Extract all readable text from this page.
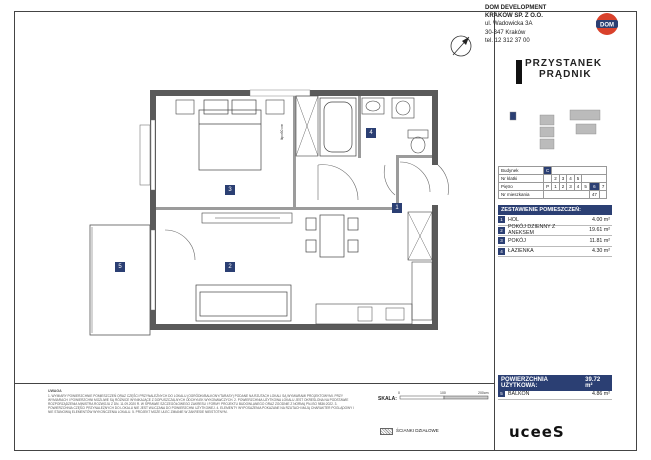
0	100	200cm
1
2
3
4
5
lkp=60 cm
DOM DEVELOPMENT
KRAKÓW SP. Z O.O.
ul. Wadowicka 3A
30-347 Kraków
tel. 12 312 37 00
DOM
PRZYSTANEK
PRĄDNIK
Budynek	C							
Nr klatki		2	3	4	5			
Piętro	P	1	2	3	4	5	6	7
Nr mieszkania							47	
ZESTAWIENIE POMIESZCZEŃ:
1 HOL	4.00 m²
2 POKÓJ DZIENNY Z ANEKSEM	19.61 m²
3 POKÓJ	11.81 m²
4 ŁAZIENKA	4.30 m²
POWIERZCHNIA UŻYTKOWA:
39.72 m²
5 BALKON	4.86 m²
UWAGA
1. WYMIARY POWIERZCHNIE POMIESZCZEŃ ORAZ CZĘŚCI PRZYNALEŻNYCH DO LOKALU (OGRÓDKI/BALKONY/TARASY) PODANE NA RZUTACH LOKALI SĄ WYMIARAMI PROJEKTOWYMI. PRZY WYMIARACH I POWIERZCHNI MOŻLIWE SĄ RÓŻNICE WYNIKAJĄCE Z DOPUSZCZALNYCH ODCHYŁEK WYKONAWCZYCH. 2. POWIERZCHNIA UŻYTKOWA LOKALU JEST OKREŚLONA NA PODSTAWIE ROZPORZĄDZENIA MINISTRA ROZWOJU Z DN. 11.09.2020 R. W SPRAWIE SZCZEGÓŁOWEGO ZAKRESU I FORMY PROJEKTU BUDOWLANEGO ORAZ ZGODNIE Z NORMĄ PN-ISO 9836:2022. 3. POWIERZCHNIA CZĘŚCI PRZYNALEŻNYCH DO LOKALU NIE JEST WLICZANA DO POWIERZCHNI UŻYTKOWEJ. 4. ELEMENTY WYPOSAŻENIA POKAZANE NA RZUTACH MAJĄ CHARAKTER POGLĄDOWY I NIE STANOWIĄ ELEMENTÓW WYKOŃCZENIA LOKALU. 5. PROJEKT MOŻE ULEC ZMIANIE W ZAKRESIE NIEISTOTNYM.
SKALA:
ŚCIANKI DZIAŁOWE	uceeS
